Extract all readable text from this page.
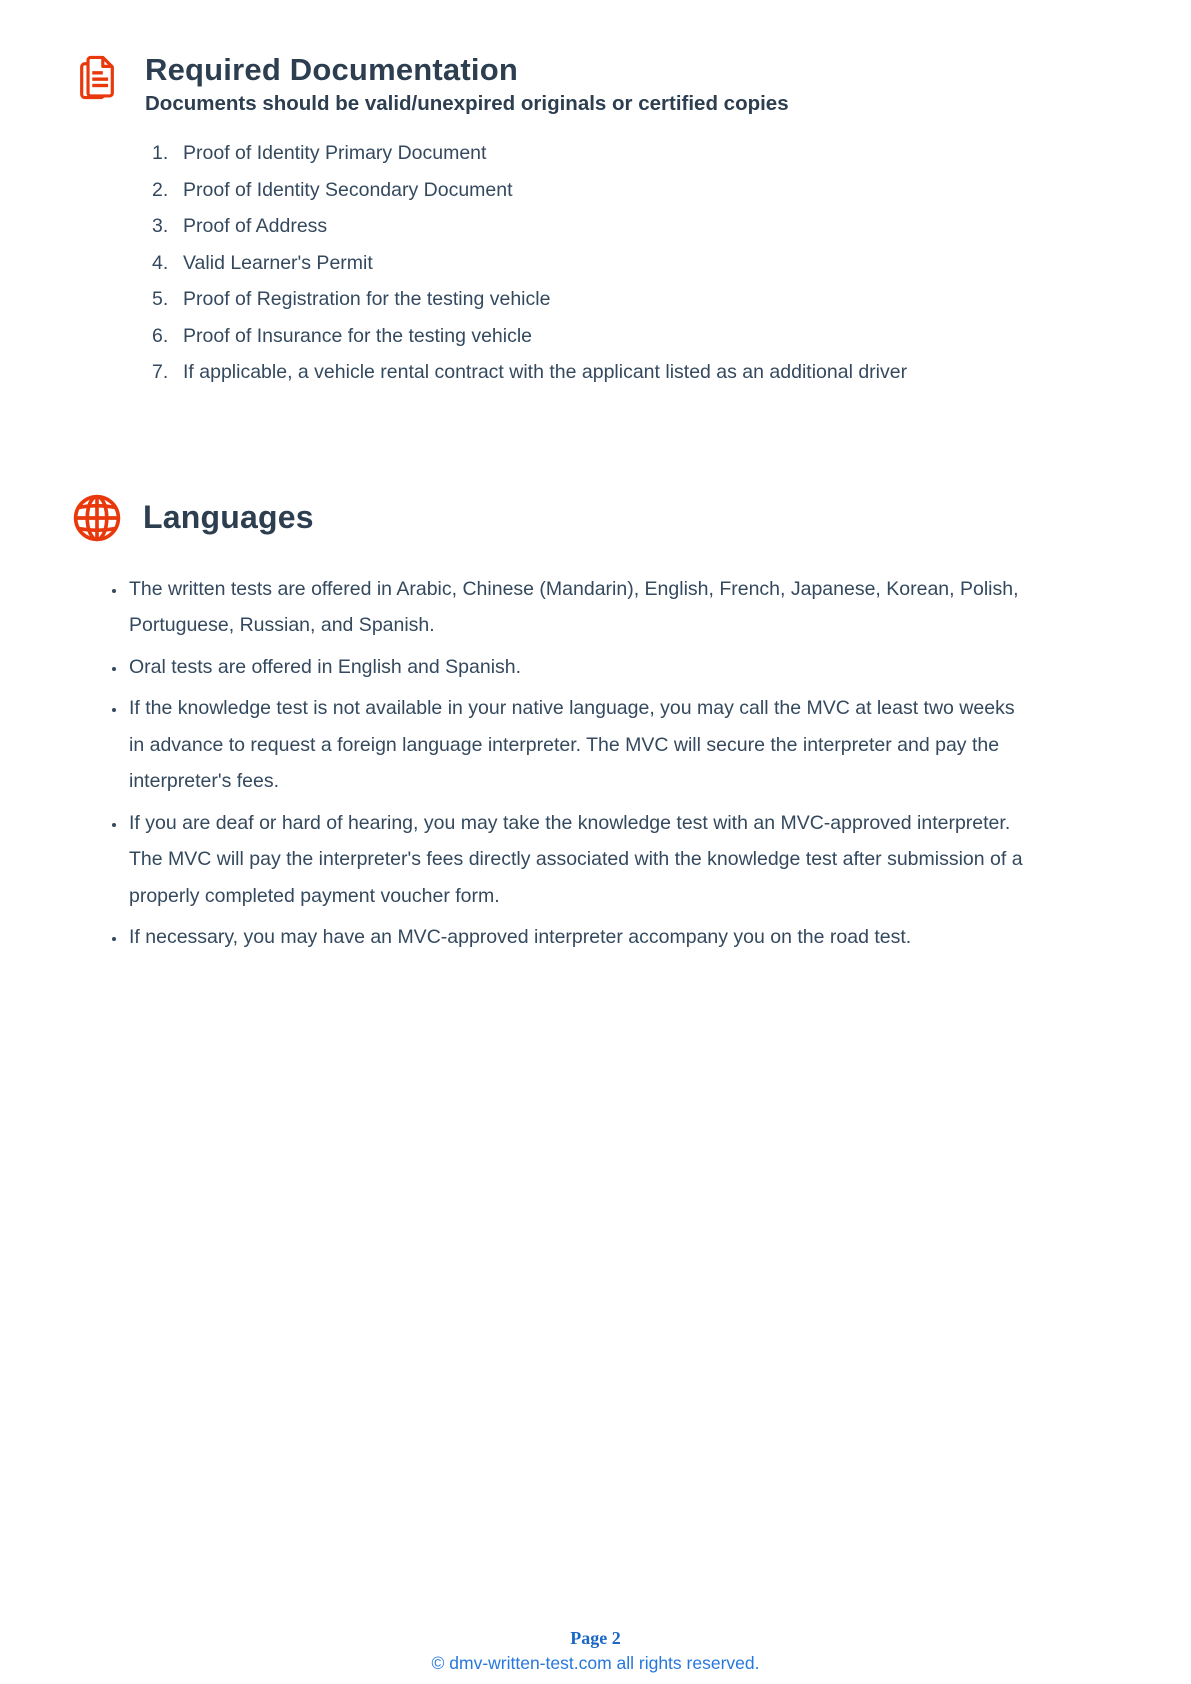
Required Documentation
Documents should be valid/unexpired originals or certified copies
Proof of Identity Primary Document
Proof of Identity Secondary Document
Proof of Address
Valid Learner's Permit
Proof of Registration for the testing vehicle
Proof of Insurance for the testing vehicle
If applicable, a vehicle rental contract with the applicant listed as an additional driver
Languages
• The written tests are offered in Arabic, Chinese (Mandarin), English, French, Japanese, Korean, Polish, Portuguese, Russian, and Spanish.
• Oral tests are offered in English and Spanish.
• If the knowledge test is not available in your native language, you may call the MVC at least two weeks in advance to request a foreign language interpreter. The MVC will secure the interpreter and pay the interpreter's fees.
• If you are deaf or hard of hearing, you may take the knowledge test with an MVC-approved interpreter. The MVC will pay the interpreter's fees directly associated with the knowledge test after submission of a properly completed payment voucher form.
• If necessary, you may have an MVC-approved interpreter accompany you on the road test.
Page 2
© dmv-written-test.com all rights reserved.
